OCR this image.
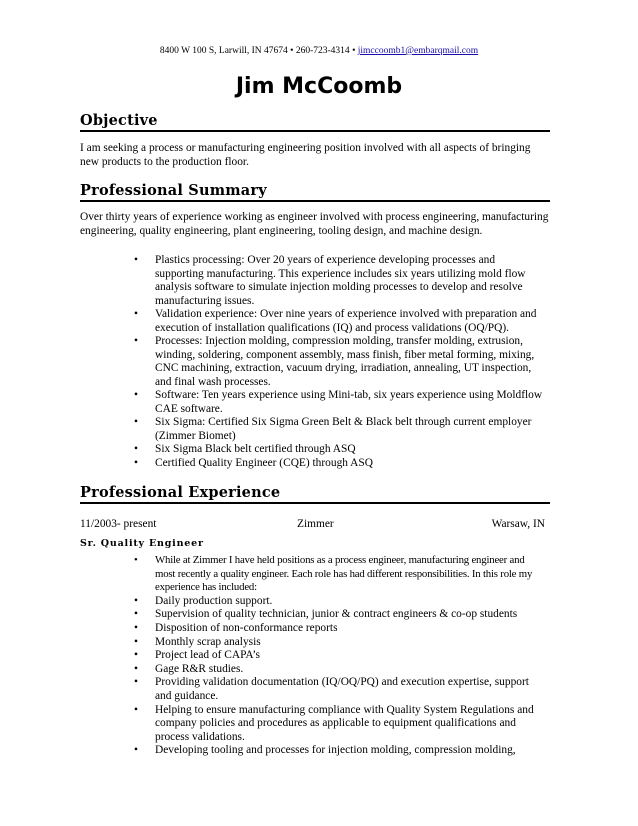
8400 W 100 S, Larwill, IN 47674 • 260-723-4314 • jimccoomb1@embarqmail.com
Jim McCoomb
Objective
I am seeking a process or manufacturing engineering position involved with all aspects of bringing new products to the production floor.
Professional Summary
Over thirty years of experience working as engineer involved with process engineering, manufacturing engineering, quality engineering, plant engineering, tooling design, and machine design.
• Plastics processing: Over 20 years of experience developing processes and supporting manufacturing. This experience includes six years utilizing mold flow analysis software to simulate injection molding processes to develop and resolve manufacturing issues.
• Validation experience: Over nine years of experience involved with preparation and execution of installation qualifications (IQ) and process validations (OQ/PQ).
• Processes: Injection molding, compression molding, transfer molding, extrusion, winding, soldering, component assembly, mass finish, fiber metal forming, mixing, CNC machining, extraction, vacuum drying, irradiation, annealing, UT inspection, and final wash processes.
• Software: Ten years experience using Mini-tab, six years experience using Moldflow CAE software.
• Six Sigma: Certified Six Sigma Green Belt & Black belt through current employer (Zimmer Biomet)
• Six Sigma Black belt certified through ASQ
• Certified Quality Engineer (CQE) through ASQ
Professional Experience
11/2003- present	Zimmer	Warsaw, IN
Sr. Quality Engineer
• While at Zimmer I have held positions as a process engineer, manufacturing engineer and most recently a quality engineer. Each role has had different responsibilities. In this role my experience has included:
• Daily production support.
• Supervision of quality technician, junior & contract engineers & co-op students
• Disposition of non-conformance reports
• Monthly scrap analysis
• Project lead of CAPA’s
• Gage R&R studies.
• Providing validation documentation (IQ/OQ/PQ) and execution expertise, support and guidance.
• Helping to ensure manufacturing compliance with Quality System Regulations and company policies and procedures as applicable to equipment qualifications and process validations.
• Developing tooling and processes for injection molding, compression molding,
